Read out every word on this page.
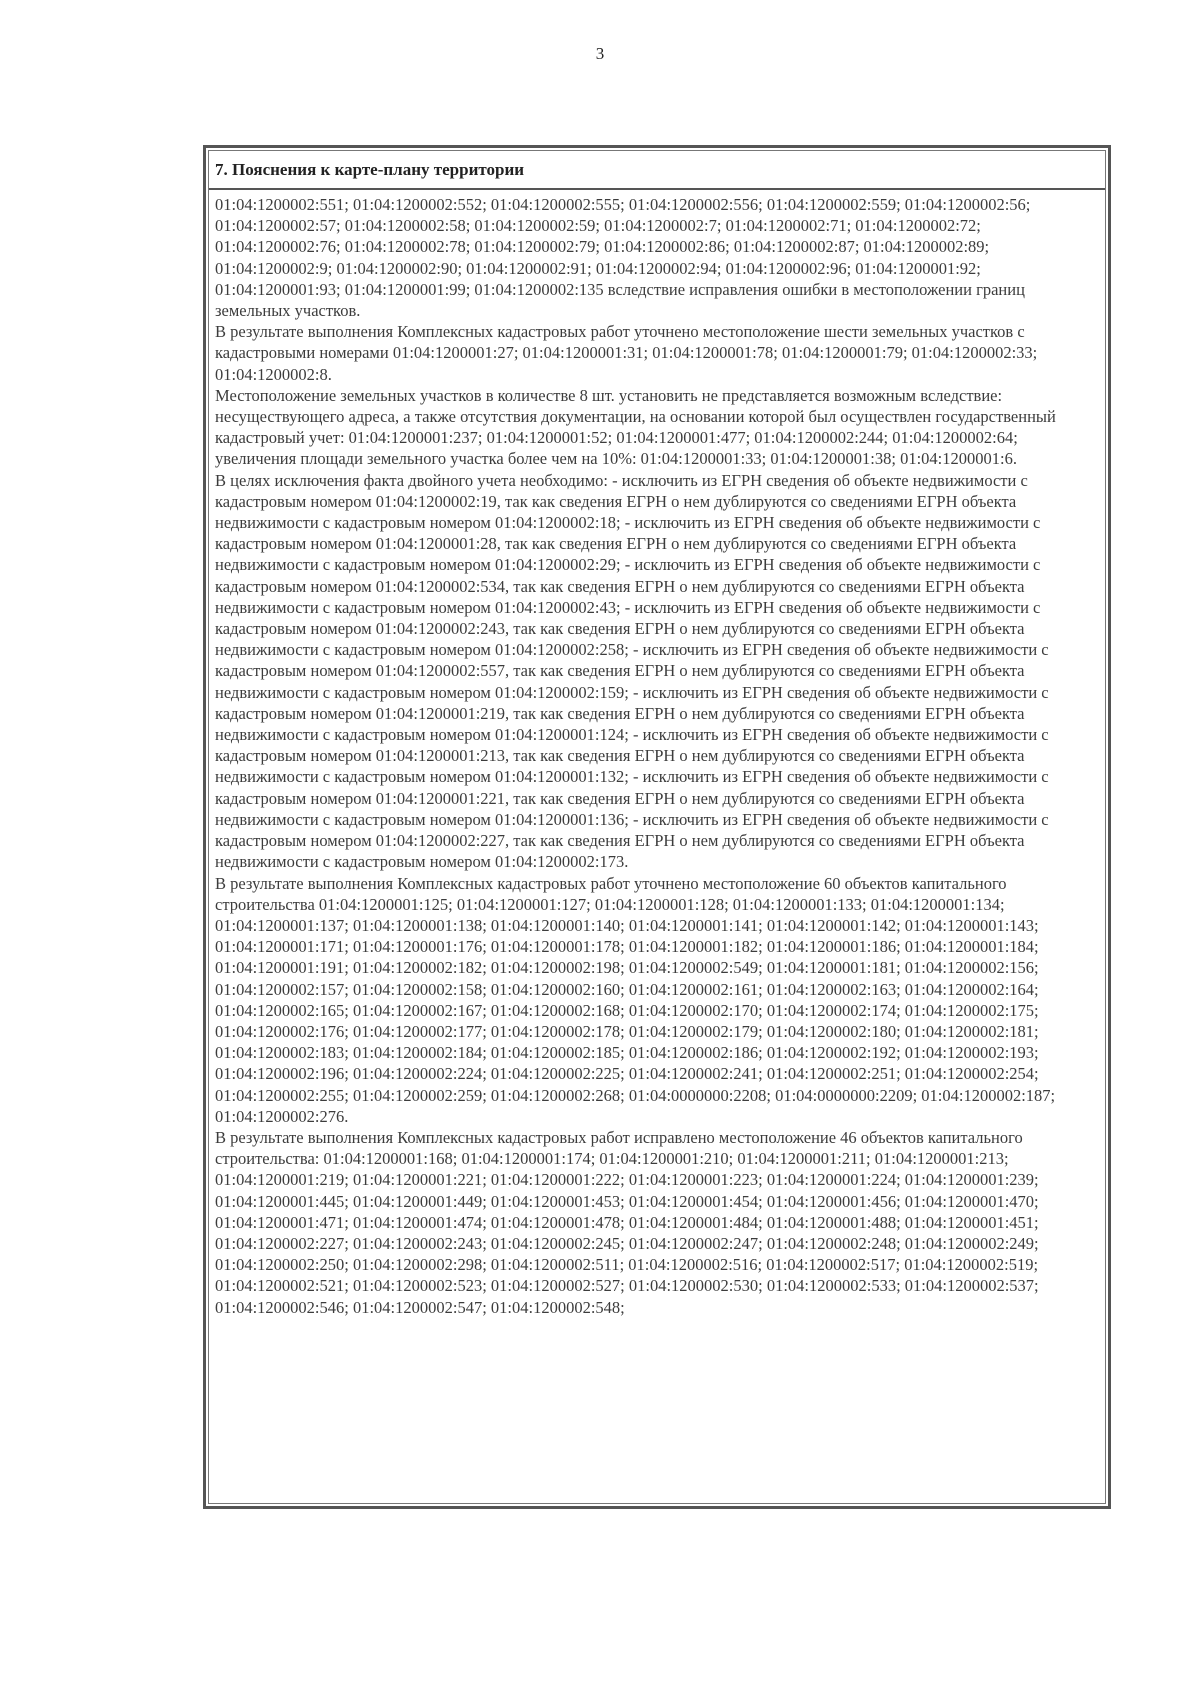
3
7. Пояснения к карте-плану территории

01:04:1200002:551; 01:04:1200002:552; 01:04:1200002:555; 01:04:1200002:556; 01:04:1200002:559; 01:04:1200002:56; 01:04:1200002:57; 01:04:1200002:58; 01:04:1200002:59; 01:04:1200002:7; 01:04:1200002:71; 01:04:1200002:72; 01:04:1200002:76; 01:04:1200002:78; 01:04:1200002:79; 01:04:1200002:86; 01:04:1200002:87; 01:04:1200002:89; 01:04:1200002:9; 01:04:1200002:90; 01:04:1200002:91; 01:04:1200002:94; 01:04:1200002:96; 01:04:1200001:92; 01:04:1200001:93; 01:04:1200001:99; 01:04:1200002:135 вследствие исправления ошибки в местоположении границ земельных участков.

В результате выполнения Комплексных кадастровых работ уточнено местоположение шести земельных участков с кадастровыми номерами 01:04:1200001:27; 01:04:1200001:31; 01:04:1200001:78; 01:04:1200001:79; 01:04:1200002:33; 01:04:1200002:8.

Местоположение земельных участков в количестве 8 шт. установить не представляется возможным вследствие:

несуществующего адреса, а также отсутствия документации, на основании которой был осуществлен государственный кадастровый учет: 01:04:1200001:237; 01:04:1200001:52; 01:04:1200001:477; 01:04:1200002:244; 01:04:1200002:64;

увеличения площади земельного участка более чем на 10%: 01:04:1200001:33; 01:04:1200001:38; 01:04:1200001:6.

В целях исключения факта двойного учета необходимо: - исключить из ЕГРН сведения об объекте недвижимости с кадастровым номером 01:04:1200002:19, так как сведения ЕГРН о нем дублируются со сведениями ЕГРН объекта недвижимости с кадастровым номером 01:04:1200002:18; - исключить из ЕГРН сведения об объекте недвижимости с кадастровым номером 01:04:1200001:28, так как сведения ЕГРН о нем дублируются со сведениями ЕГРН объекта недвижимости с кадастровым номером 01:04:1200002:29; - исключить из ЕГРН сведения об объекте недвижимости с кадастровым номером 01:04:1200002:534, так как сведения ЕГРН о нем дублируются со сведениями ЕГРН объекта недвижимости с кадастровым номером 01:04:1200002:43; - исключить из ЕГРН сведения об объекте недвижимости с кадастровым номером 01:04:1200002:243, так как сведения ЕГРН о нем дублируются со сведениями ЕГРН объекта недвижимости с кадастровым номером 01:04:1200002:258; - исключить из ЕГРН сведения об объекте недвижимости с кадастровым номером 01:04:1200002:557, так как сведения ЕГРН о нем дублируются со сведениями ЕГРН объекта недвижимости с кадастровым номером 01:04:1200002:159; - исключить из ЕГРН сведения об объекте недвижимости с кадастровым номером 01:04:1200001:219, так как сведения ЕГРН о нем дублируются со сведениями ЕГРН объекта недвижимости с кадастровым номером 01:04:1200001:124; - исключить из ЕГРН сведения об объекте недвижимости с кадастровым номером 01:04:1200001:213, так как сведения ЕГРН о нем дублируются со сведениями ЕГРН объекта недвижимости с кадастровым номером 01:04:1200001:132; - исключить из ЕГРН сведения об объекте недвижимости с кадастровым номером 01:04:1200001:221, так как сведения ЕГРН о нем дублируются со сведениями ЕГРН объекта недвижимости с кадастровым номером 01:04:1200001:136; - исключить из ЕГРН сведения об объекте недвижимости с кадастровым номером 01:04:1200002:227, так как сведения ЕГРН о нем дублируются со сведениями ЕГРН объекта недвижимости с кадастровым номером 01:04:1200002:173.

В результате выполнения Комплексных кадастровых работ уточнено местоположение 60 объектов капитального строительства 01:04:1200001:125; 01:04:1200001:127; 01:04:1200001:128; 01:04:1200001:133; 01:04:1200001:134; 01:04:1200001:137; 01:04:1200001:138; 01:04:1200001:140; 01:04:1200001:141; 01:04:1200001:142; 01:04:1200001:143; 01:04:1200001:171; 01:04:1200001:176; 01:04:1200001:178; 01:04:1200001:182; 01:04:1200001:186; 01:04:1200001:184; 01:04:1200001:191; 01:04:1200002:182; 01:04:1200002:198; 01:04:1200002:549; 01:04:1200001:181; 01:04:1200002:156; 01:04:1200002:157; 01:04:1200002:158; 01:04:1200002:160; 01:04:1200002:161; 01:04:1200002:163; 01:04:1200002:164; 01:04:1200002:165; 01:04:1200002:167; 01:04:1200002:168; 01:04:1200002:170; 01:04:1200002:174; 01:04:1200002:175; 01:04:1200002:176; 01:04:1200002:177; 01:04:1200002:178; 01:04:1200002:179; 01:04:1200002:180; 01:04:1200002:181; 01:04:1200002:183; 01:04:1200002:184; 01:04:1200002:185; 01:04:1200002:186; 01:04:1200002:192; 01:04:1200002:193; 01:04:1200002:196; 01:04:1200002:224; 01:04:1200002:225; 01:04:1200002:241; 01:04:1200002:251; 01:04:1200002:254; 01:04:1200002:255; 01:04:1200002:259; 01:04:1200002:268; 01:04:0000000:2208; 01:04:0000000:2209; 01:04:1200002:187; 01:04:1200002:276.

В результате выполнения Комплексных кадастровых работ исправлено местоположение 46 объектов капитального строительства: 01:04:1200001:168; 01:04:1200001:174; 01:04:1200001:210; 01:04:1200001:211; 01:04:1200001:213; 01:04:1200001:219; 01:04:1200001:221; 01:04:1200001:222; 01:04:1200001:223; 01:04:1200001:224; 01:04:1200001:239; 01:04:1200001:445; 01:04:1200001:449; 01:04:1200001:453; 01:04:1200001:454; 01:04:1200001:456; 01:04:1200001:470; 01:04:1200001:471; 01:04:1200001:474; 01:04:1200001:478; 01:04:1200001:484; 01:04:1200001:488; 01:04:1200001:451; 01:04:1200002:227; 01:04:1200002:243; 01:04:1200002:245; 01:04:1200002:247; 01:04:1200002:248; 01:04:1200002:249; 01:04:1200002:250; 01:04:1200002:298; 01:04:1200002:511; 01:04:1200002:516; 01:04:1200002:517; 01:04:1200002:519; 01:04:1200002:521; 01:04:1200002:523; 01:04:1200002:527; 01:04:1200002:530; 01:04:1200002:533; 01:04:1200002:537; 01:04:1200002:546; 01:04:1200002:547; 01:04:1200002:548;
